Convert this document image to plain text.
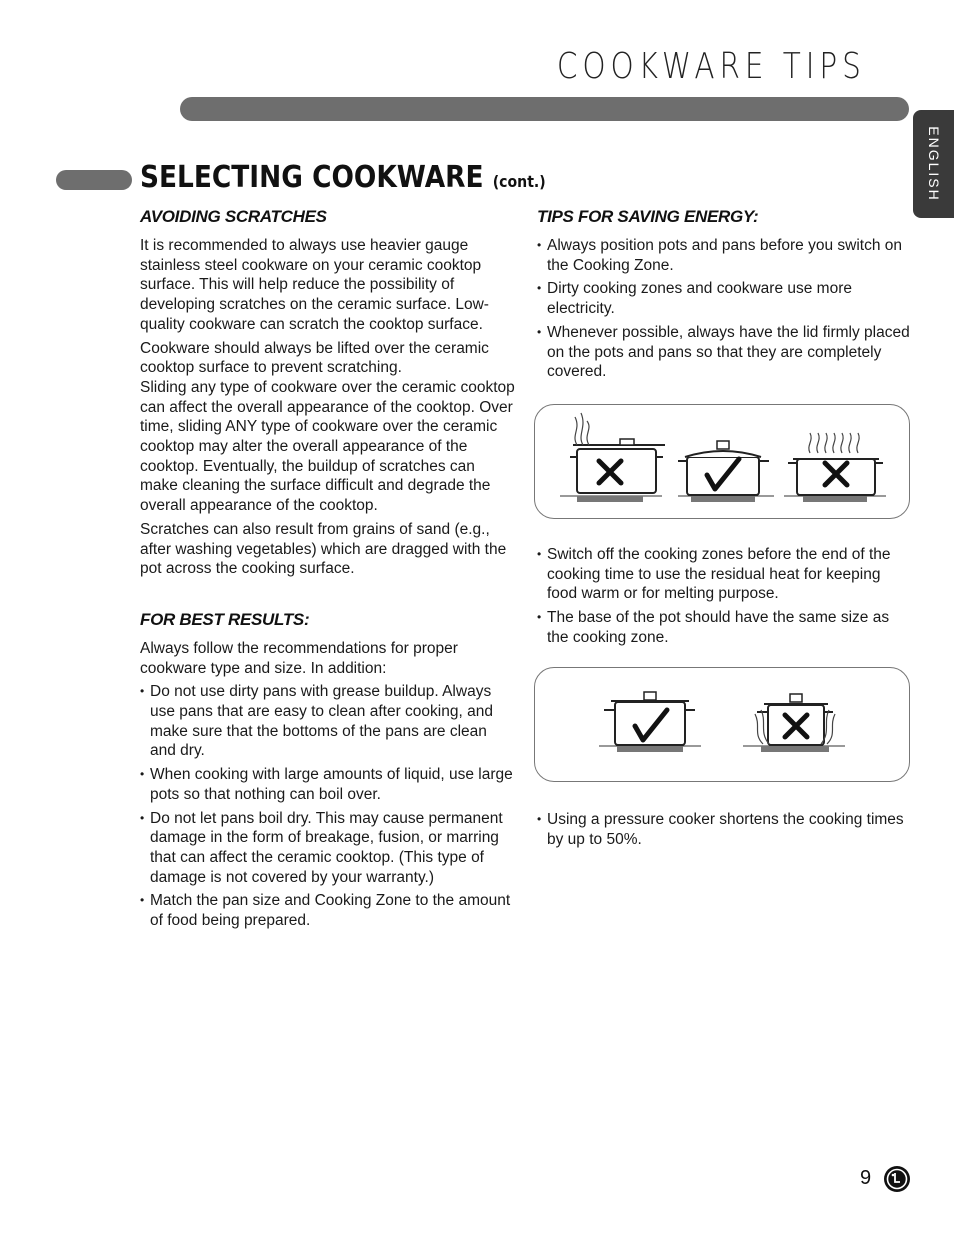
COOKWARE TIPS
ENGLISH
SELECTING COOKWARE (cont.)
AVOIDING SCRATCHES

It is recommended to always use heavier gauge stainless steel cookware on your ceramic cooktop surface. This will help reduce the possibility of developing scratches on the ceramic surface. Low-quality cookware can scratch the cooktop surface.

Cookware should always be lifted over the ceramic cooktop surface to prevent scratching.

Sliding any type of cookware over the ceramic cooktop can affect the overall appearance of the cooktop. Over time, sliding ANY type of cookware over the ceramic cooktop may alter the overall appearance of the cooktop. Eventually, the buildup of scratches can make cleaning the surface difficult and degrade the overall appearance of the cooktop.

Scratches can also result from grains of sand (e.g., after washing vegetables) which are dragged with the pot across the cooking surface.

FOR BEST RESULTS:

Always follow the recommendations for proper cookware type and size. In addition:

• Do not use dirty pans with grease buildup. Always use pans that are easy to clean after cooking, and make sure that the bottoms of the pans are clean and dry.
• When cooking with large amounts of liquid, use large pots so that nothing can boil over.
• Do not let pans boil dry. This may cause permanent damage in the form of breakage, fusion, or marring that can affect the ceramic cooktop. (This type of damage is not covered by your warranty.)
• Match the pan size and Cooking Zone to the amount of food being prepared.
TIPS FOR SAVING ENERGY:
• Always position pots and pans before you switch on the Cooking Zone.
• Dirty cooking zones and cookware use more electricity.
• Whenever possible, always have the lid firmly placed on the pots and pans so that they are completely covered.
• Switch off the cooking zones before the end of the cooking time to use the residual heat for keeping food warm or for melting purpose.
• The base of the pot should have the same size as the cooking zone.
• Using a pressure cooker shortens the cooking times by up to 50%.
9
